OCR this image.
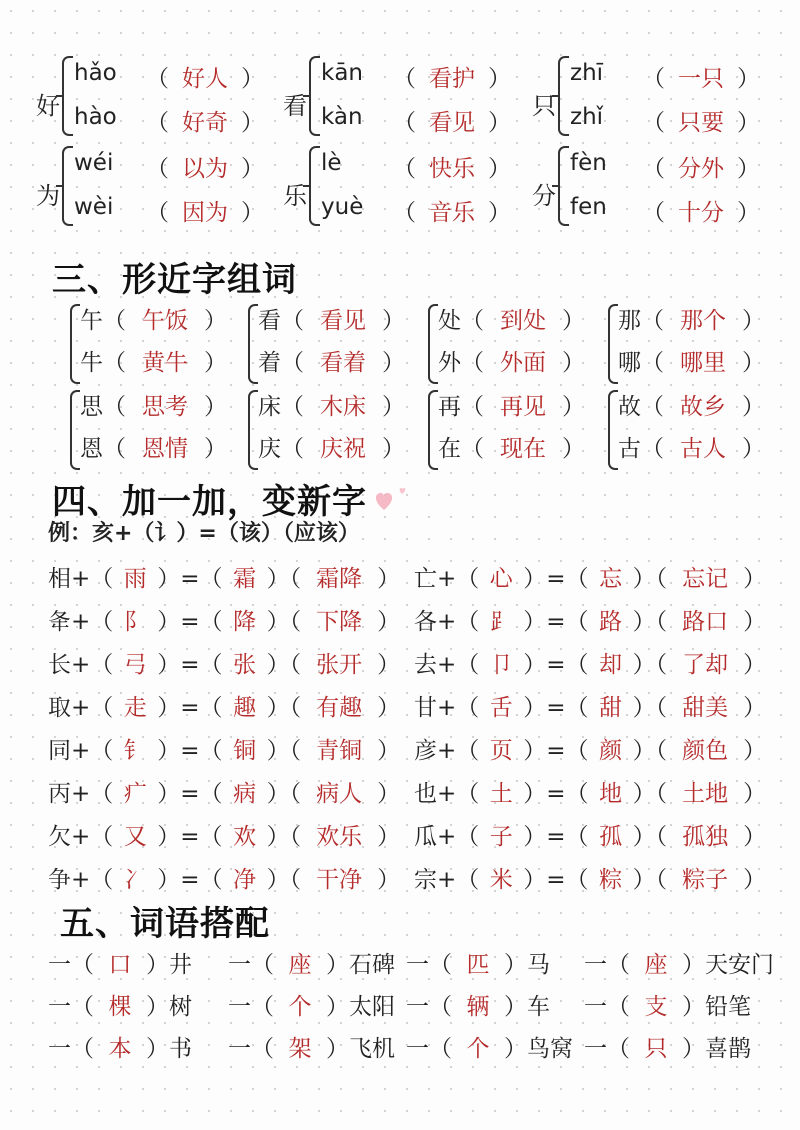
好
hǎo （ 好人 ）
hào （ 好奇 ）
看
kān （ 看护 ）
kàn （ 看见 ）
只
zhī （ 一只 ）
zhǐ （ 只要 ）
为
wéi （ 以为 ）
wèi （ 因为 ）
乐
lè （ 快乐 ）
yuè （ 音乐 ）
分
fèn （ 分外 ）
fen （ 十分 ）
三、形近字组词
午（ 午饭 ）
牛（ 黄牛 ）
看（ 看见 ）
着（ 看着 ）
处（ 到处 ）
外（ 外面 ）
那（ 那个 ）
哪（ 哪里 ）
思（ 思考 ）
恩（ 恩情 ）
床（ 木床 ）
庆（ 庆祝 ）
再（ 再见 ）
在（ 现在 ）
故（ 故乡 ）
古（ 古人 ）
四、加一加，变新字
例：亥+（讠）=（该）（应该）
相+（ 雨 ）=（ 霜 ）（ 霜降 ）
夅+（ 阝 ）=（ 降 ）（ 下降 ）
长+（ 弓 ）=（ 张 ）（ 张开 ）
取+（ 走 ）=（ 趣 ）（ 有趣 ）
同+（ 钅 ）=（ 铜 ）（ 青铜 ）
丙+（ 疒 ）=（ 病 ）（ 病人 ）
欠+（ 又 ）=（ 欢 ）（ 欢乐 ）
争+（ 冫 ）=（ 净 ）（ 干净 ）
亡+（ 心 ）=（ 忘 ）（ 忘记 ）
各+（ ⻊ ）=（ 路 ）（ 路口 ）
去+（ 卩 ）=（ 却 ）（ 了却 ）
甘+（ 舌 ）=（ 甜 ）（ 甜美 ）
彦+（ 页 ）=（ 颜 ）（ 颜色 ）
也+（ 土 ）=（ 地 ）（ 土地 ）
瓜+（ 子 ）=（ 孤 ）（ 孤独 ）
宗+（ 米 ）=（ 粽 ）（ 粽子 ）
五、词语搭配
一（ 口 ）井 一（ 座 ）石碑 一（ 匹 ）马 一（ 座 ）天安门
一（ 棵 ）树 一（ 个 ）太阳 一（ 辆 ）车 一（ 支 ）铅笔
一（ 本 ）书 一（ 架 ）飞机 一（ 个 ）鸟窝 一（ 只 ）喜鹊
